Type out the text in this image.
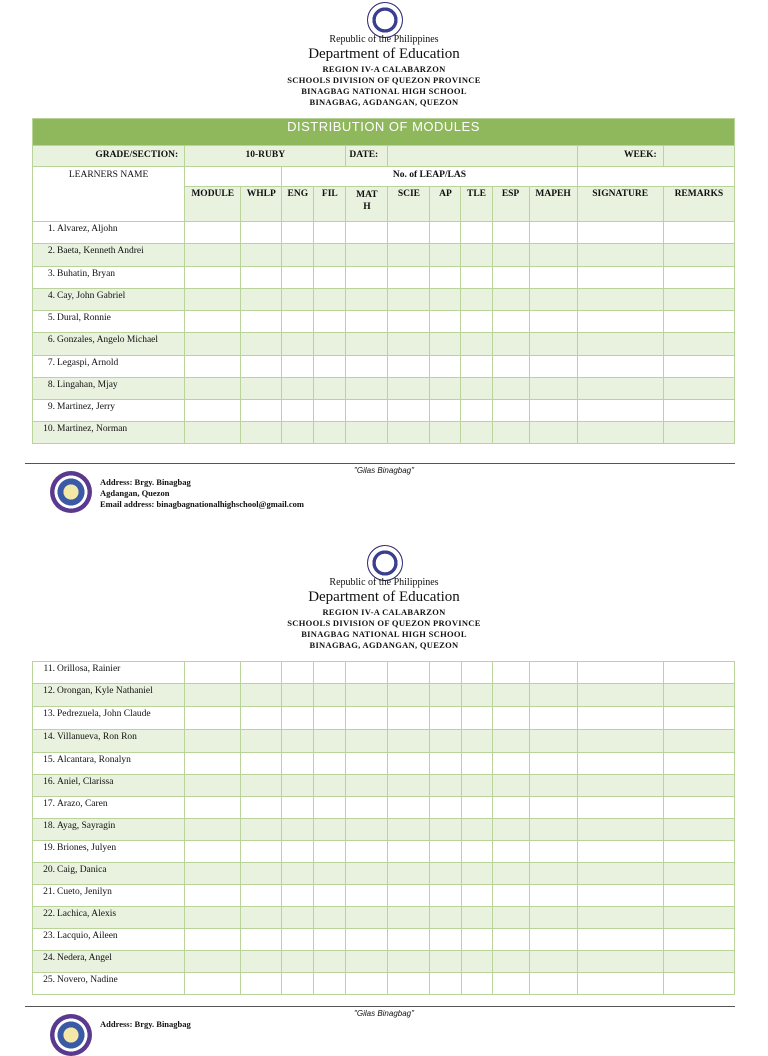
Republic of the Philippines
Department of Education
REGION IV-A CALABARZON
SCHOOLS DIVISION OF QUEZON PROVINCE
BINAGBAG NATIONAL HIGH SCHOOL
BINAGBAG, AGDANGAN, QUEZON
DISTRIBUTION OF MODULES												
GRADE/SECTION:	10-RUBY				DATE:						WEEK:	
LEARNERS NAME			No. of LEAP/LAS									
	MODULE	WHLP	ENG	FIL	MAT H	SCIE	AP	TLE	ESP	MAPEH	SIGNATURE	REMARKS
1. Alvarez, Aljohn												
2. Baeta, Kenneth Andrei												
3. Buhatin, Bryan												
4. Cay, John Gabriel												
5. Dural, Ronnie												
6. Gonzales, Angelo Michael												
7. Legaspi, Arnold												
8. Lingahan, Mjay												
9. Martinez, Jerry												
10. Martinez, Norman												
"Gilas Binagbag"
Address: Brgy. Binagbag
Agdangan, Quezon
Email address: binagbagnationalhighschool@gmail.com
Republic of the Philippines
Department of Education
REGION IV-A CALABARZON
SCHOOLS DIVISION OF QUEZON PROVINCE
BINAGBAG NATIONAL HIGH SCHOOL
BINAGBAG, AGDANGAN, QUEZON
11. Orillosa, Rainier												
12. Orongan, Kyle Nathaniel												
13. Pedrezuela, John Claude												
14. Villanueva, Ron Ron												
15. Alcantara, Ronalyn												
16. Aniel, Clarissa												
17. Arazo, Caren												
18. Ayag, Sayragin												
19. Briones, Julyen												
20. Caig, Danica												
21. Cueto, Jenilyn												
22. Lachica, Alexis												
23. Lacquio, Aileen												
24. Nedera, Angel												
25. Novero, Nadine												
"Gilas Binagbag"
Address: Brgy. Binagbag
